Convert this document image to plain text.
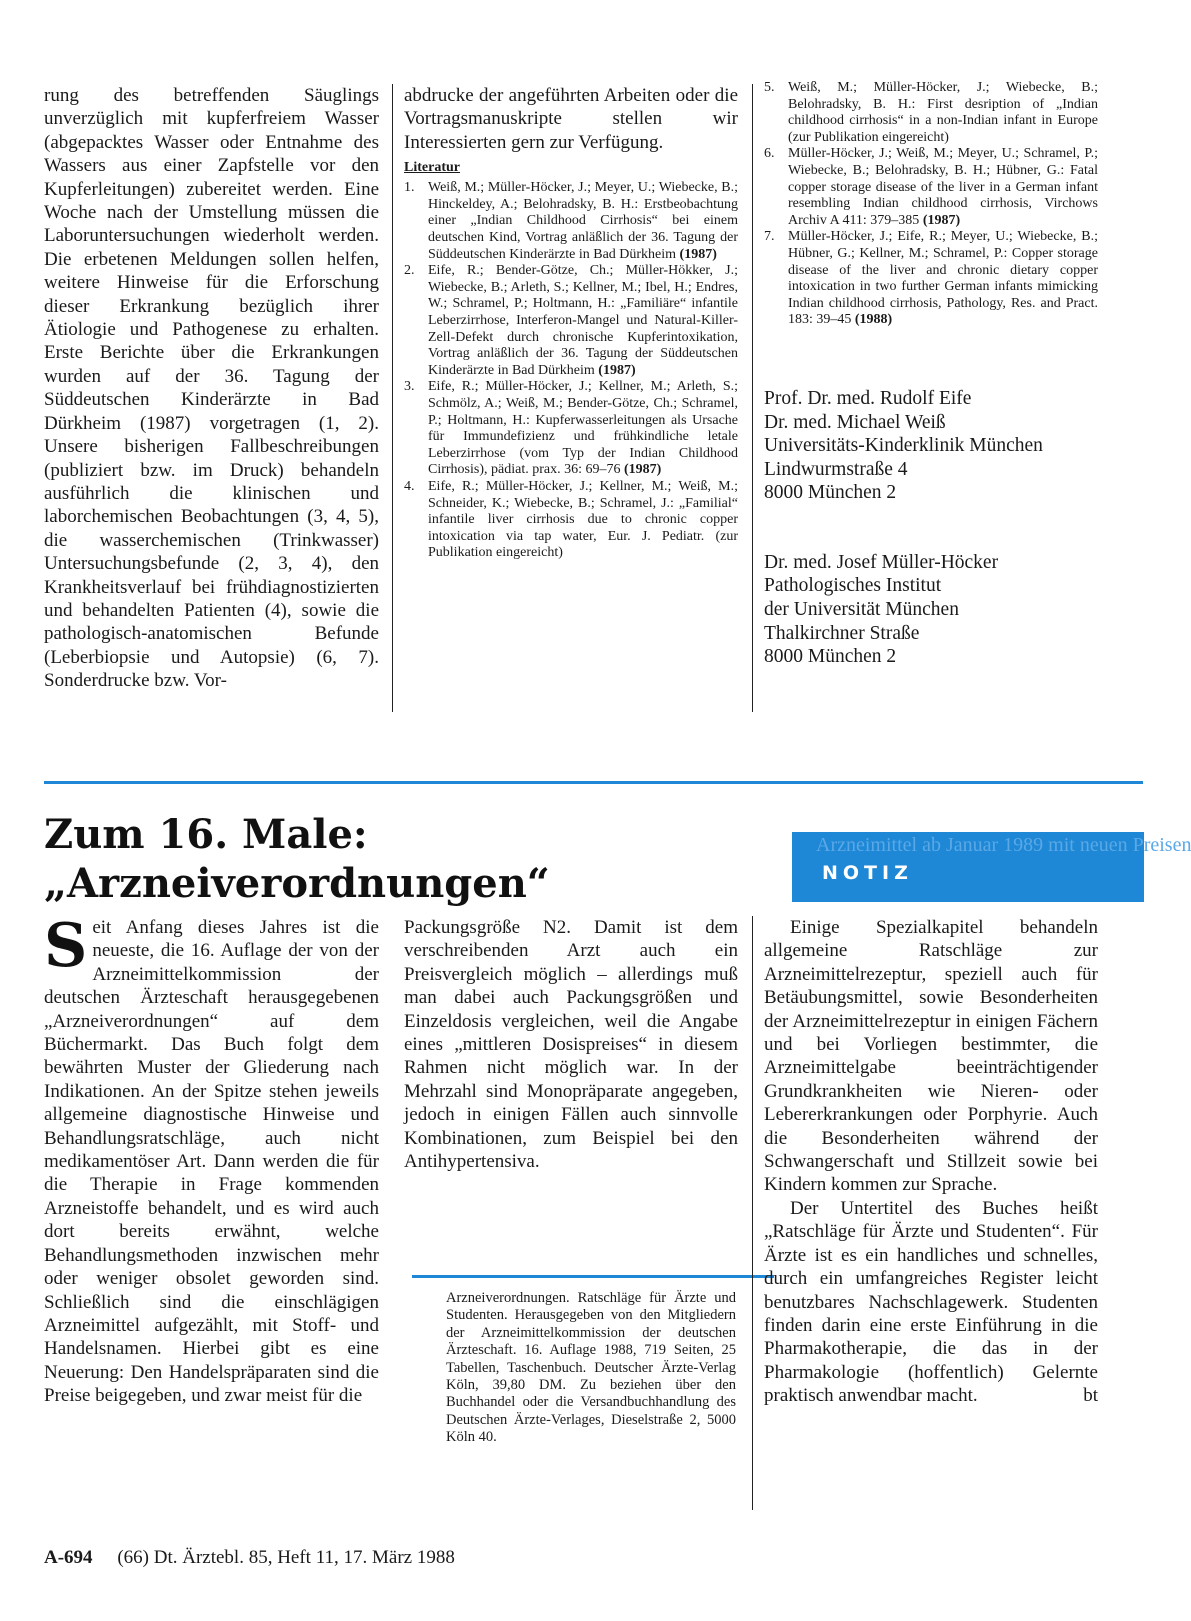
rung des betreffenden Säuglings unverzüglich mit kupferfreiem Wasser (abgepacktes Wasser oder Entnahme des Wassers aus einer Zapfstelle vor den Kupferleitungen) zubereitet werden. Eine Woche nach der Umstellung müssen die Laboruntersuchungen wiederholt werden. Die erbetenen Meldungen sollen helfen, weitere Hinweise für die Erforschung dieser Erkrankung bezüglich ihrer Ätiologie und Pathogenese zu erhalten. Erste Berichte über die Erkrankungen wurden auf der 36. Tagung der Süddeutschen Kinderärzte in Bad Dürkheim (1987) vorgetragen (1, 2). Unsere bisherigen Fallbeschreibungen (publiziert bzw. im Druck) behandeln ausführlich die klinischen und laborchemischen Beobachtungen (3, 4, 5), die wasserchemischen (Trinkwasser) Untersuchungsbefunde (2, 3, 4), den Krankheitsverlauf bei frühdiagnostizierten und behandelten Patienten (4), sowie die pathologisch-anatomischen Befunde (Leberbiopsie und Autopsie) (6, 7). Sonderdrucke bzw. Vor-

abdrucke der angeführten Arbeiten oder die Vortragsmanuskripte stellen wir Interessierten gern zur Verfügung.

Literatur
1. Weiß, M.; Müller-Höcker, J.; Meyer, U.; Wiebecke, B.; Hinckeldey, A.; Belohradsky, B. H.: Erstbeobachtung einer „Indian Childhood Cirrhosis“ bei einem deutschen Kind, Vortrag anläßlich der 36. Tagung der Süddeutschen Kinderärzte in Bad Dürkheim (1987)
2. Eife, R.; Bender-Götze, Ch.; Müller-Hökker, J.; Wiebecke, B.; Arleth, S.; Kellner, M.; Ibel, H.; Endres, W.; Schramel, P.; Holtmann, H.: „Familiäre“ infantile Leberzirrhose, Interferon-Mangel und Natural-Killer-Zell-Defekt durch chronische Kupferintoxikation, Vortrag anläßlich der 36. Tagung der Süddeutschen Kinderärzte in Bad Dürkheim (1987)
3. Eife, R.; Müller-Höcker, J.; Kellner, M.; Arleth, S.; Schmölz, A.; Weiß, M.; Bender-Götze, Ch.; Schramel, P.; Holtmann, H.: Kupferwasserleitungen als Ursache für Immundefizienz und frühkindliche letale Leberzirrhose (vom Typ der Indian Childhood Cirrhosis), pädiat. prax. 36: 69–76 (1987)
4. Eife, R.; Müller-Höcker, J.; Kellner, M.; Weiß, M.; Schneider, K.; Wiebecke, B.; Schramel, J.: „Familial“ infantile liver cirrhosis due to chronic copper intoxication via tap water, Eur. J. Pediatr. (zur Publikation eingereicht)
5. Weiß, M.; Müller-Höcker, J.; Wiebecke, B.; Belohradsky, B. H.: First desription of „Indian childhood cirrhosis“ in a non-Indian infant in Europe (zur Publikation eingereicht)
6. Müller-Höcker, J.; Weiß, M.; Meyer, U.; Schramel, P.; Wiebecke, B.; Belohradsky, B. H.; Hübner, G.: Fatal copper storage disease of the liver in a German infant resembling Indian childhood cirrhosis, Virchows Archiv A 411: 379–385 (1987)
7. Müller-Höcker, J.; Eife, R.; Meyer, U.; Wiebecke, B.; Hübner, G.; Kellner, M.; Schramel, P.: Copper storage disease of the liver and chronic dietary copper intoxication in two further German infants mimicking Indian childhood cirrhosis, Pathology, Res. and Pract. 183: 39–45 (1988)
Prof. Dr. med. Rudolf Eife
Dr. med. Michael Weiß
Universitäts-Kinderklinik München
Lindwurmstraße 4
8000 München 2
Dr. med. Josef Müller-Höcker
Pathologisches Institut
der Universität München
Thalkirchner Straße
8000 München 2
Zum 16. Male:
„Arzneiverordnungen“
Arzneimittel ab Januar 1989 mit neuen Preisen
NOTIZ
S eit Anfang dieses Jahres ist die neueste, die 16. Auflage der von der Arzneimittelkommission der deutschen Ärzteschaft herausgegebenen „Arzneiverordnungen“ auf dem Büchermarkt. Das Buch folgt dem bewährten Muster der Gliederung nach Indikationen. An der Spitze stehen jeweils allgemeine diagnostische Hinweise und Behandlungsratschläge, auch nicht medikamentöser Art. Dann werden die für die Therapie in Frage kommenden Arzneistoffe behandelt, und es wird auch dort bereits erwähnt, welche Behandlungsmethoden inzwischen mehr oder weniger obsolet geworden sind. Schließlich sind die einschlägigen Arzneimittel aufgezählt, mit Stoff- und Handelsnamen. Hierbei gibt es eine Neuerung: Den Handelspräparaten sind die Preise beigegeben, und zwar meist für die

Packungsgröße N2. Damit ist dem verschreibenden Arzt auch ein Preisvergleich möglich – allerdings muß man dabei auch Packungsgrößen und Einzeldosis vergleichen, weil die Angabe eines „mittleren Dosispreises“ in diesem Rahmen nicht möglich war. In der Mehrzahl sind Monopräparate angegeben, jedoch in einigen Fällen auch sinnvolle Kombinationen, zum Beispiel bei den Antihypertensiva.

Arzneiverordnungen. Ratschläge für Ärzte und Studenten. Herausgegeben von den Mitgliedern der Arzneimittelkommission der deutschen Ärzteschaft. 16. Auflage 1988, 719 Seiten, 25 Tabellen, Taschenbuch. Deutscher Ärzte-Verlag Köln, 39,80 DM. Zu beziehen über den Buchhandel oder die Versandbuchhandlung des Deutschen Ärzte-Verlages, Dieselstraße 2, 5000 Köln 40.

Einige Spezialkapitel behandeln allgemeine Ratschläge zur Arzneimittelrezeptur, speziell auch für Betäubungsmittel, sowie Besonderheiten der Arzneimittelrezeptur in einigen Fächern und bei Vorliegen bestimmter, die Arzneimittelgabe beeinträchtigender Grundkrankheiten wie Nieren- oder Lebererkrankungen oder Porphyrie. Auch die Besonderheiten während der Schwangerschaft und Stillzeit sowie bei Kindern kommen zur Sprache.

Der Untertitel des Buches heißt „Ratschläge für Ärzte und Studenten“. Für Ärzte ist es ein handliches und schnelles, durch ein umfangreiches Register leicht benutzbares Nachschlagewerk. Studenten finden darin eine erste Einführung in die Pharmakotherapie, die das in der Pharmakologie (hoffentlich) Gelernte praktisch anwendbar macht.	bt

A-694 (66) Dt. Ärztebl. 85, Heft 11, 17. März 1988
